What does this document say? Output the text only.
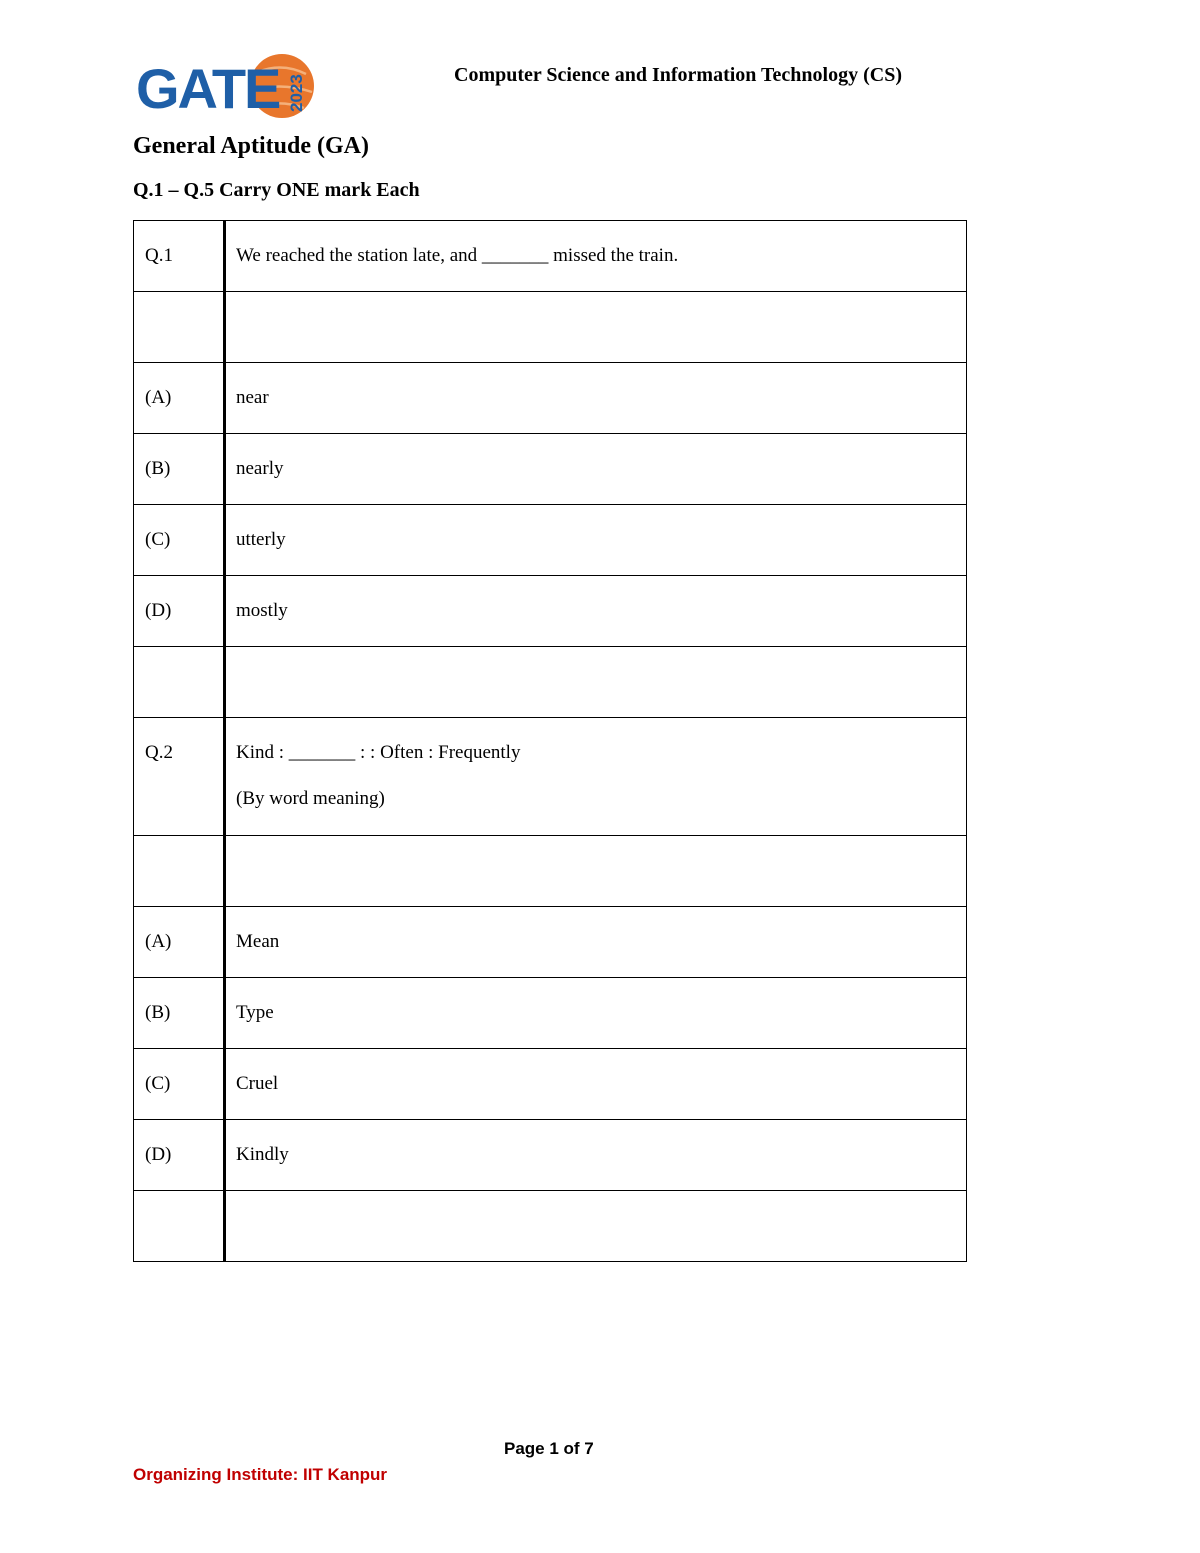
GATE 2023	Computer Science and Information Technology (CS)
General Aptitude (GA)
Q.1 – Q.5 Carry ONE mark Each
Q.1	We reached the station late, and _______ missed the train.

(A)	near

(B)	nearly

(C)	utterly

(D)	mostly

Q.2	Kind : _______ : : Often : Frequently
(By word meaning)

(A)	Mean

(B)	Type

(C)	Cruel

(D)	Kindly

Page 1 of 7
Organizing Institute: IIT Kanpur
